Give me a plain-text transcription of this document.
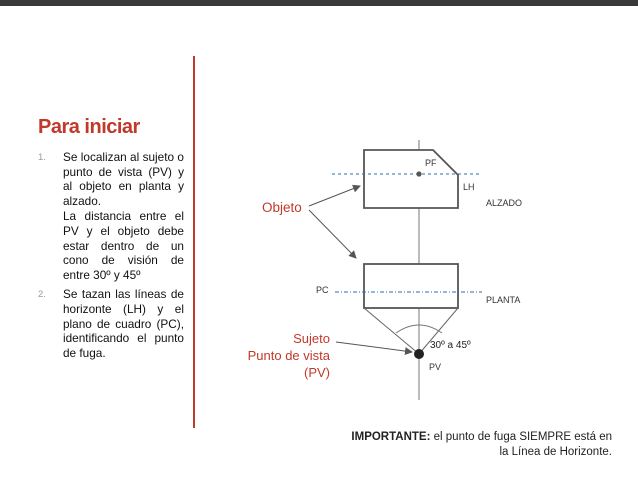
Para iniciar
1. Se localizan al sujeto o punto de vista (PV) y al objeto en planta y alzado.
La distancia entre el PV y el objeto debe estar dentro de un cono de visión de entre 30º y 45º
2. Se tazan las líneas de horizonte (LH) y el plano de cuadro (PC), identificando el punto de fuga.
PF
LH
ALZADO
Objeto
PC
PLANTA
Sujeto
Punto de vista
(PV)
30º a 45º
PV
IMPORTANTE: el punto de fuga SIEMPRE está en
la Línea de Horizonte.
